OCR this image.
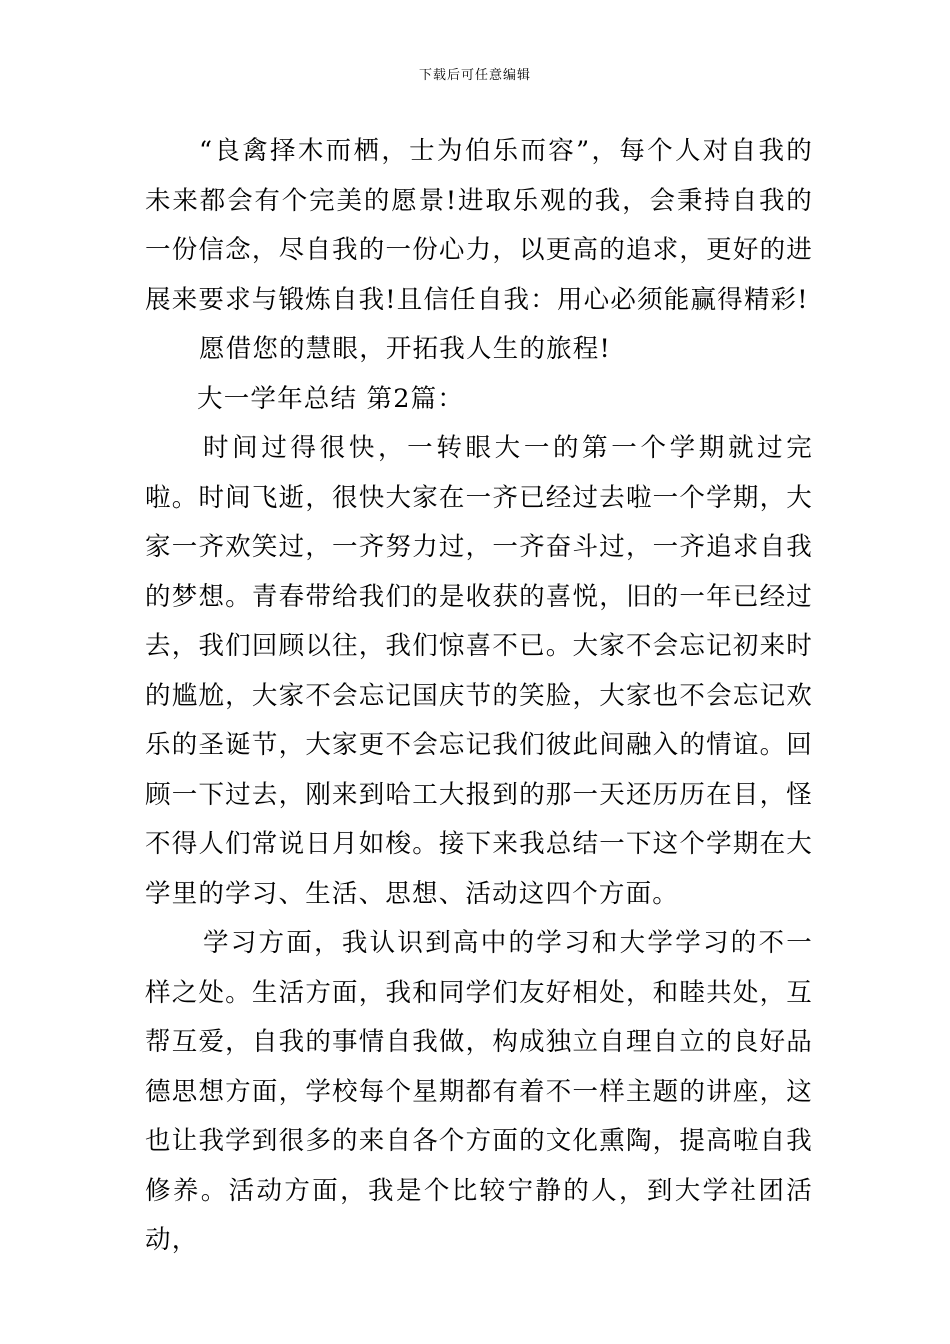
下载后可任意编辑

“良禽择木而栖，士为伯乐而容”，每个人对自我的未来都会有个完美的愿景!进取乐观的我，会秉持自我的一份信念，尽自我的一份心力，以更高的追求，更好的进展来要求与锻炼自我!且信任自我：用心必须能赢得精彩!

愿借您的慧眼，开拓我人生的旅程!

大一学年总结 第2篇：

时间过得很快，一转眼大一的第一个学期就过完啦。时间飞逝，很快大家在一齐已经过去啦一个学期，大家一齐欢笑过，一齐努力过，一齐奋斗过，一齐追求自我的梦想。青春带给我们的是收获的喜悦，旧的一年已经过去，我们回顾以往，我们惊喜不已。大家不会忘记初来时的尴尬，大家不会忘记国庆节的笑脸，大家也不会忘记欢乐的圣诞节，大家更不会忘记我们彼此间融入的情谊。回顾一下过去，刚来到哈工大报到的那一天还历历在目，怪不得人们常说日月如梭。接下来我总结一下这个学期在大学里的学习、生活、思想、活动这四个方面。

学习方面，我认识到高中的学习和大学学习的不一样之处。生活方面，我和同学们友好相处，和睦共处，互帮互爱，自我的事情自我做，构成独立自理自立的良好品德思想方面，学校每个星期都有着不一样主题的讲座，这也让我学到很多的来自各个方面的文化熏陶，提高啦自我修养。活动方面，我是个比较宁静的人，到大学社团活动，
